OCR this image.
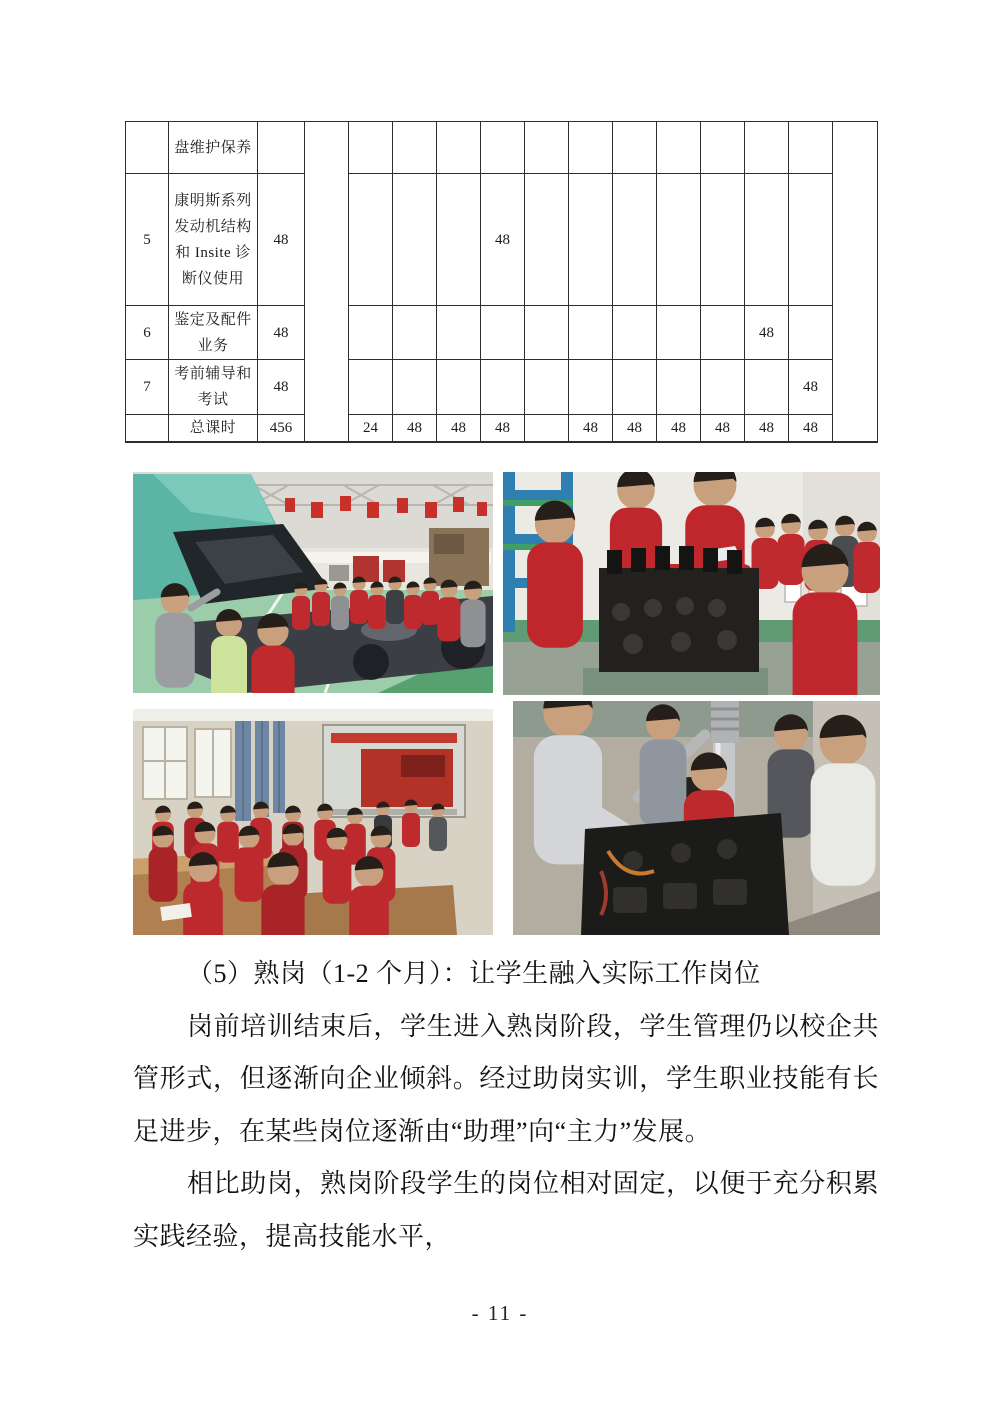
	盘维护保养														
5	康明斯系列发动机结构和 Insite 诊断仪使用	48					48								
6	鉴定及配件业务	48											48		
7	考前辅导和考试	48												48	
	总课时	456		24	48	48	48		48	48	48	48	48	48	
（5）熟岗（1-2 个月）：让学生融入实际工作岗位
岗前培训结束后，学生进入熟岗阶段，学生管理仍以校企共
管形式，但逐渐向企业倾斜。经过助岗实训，学生职业技能有长
足进步，在某些岗位逐渐由“助理”向“主力”发展。
相比助岗，熟岗阶段学生的岗位相对固定，以便于充分积累
实践经验，提高技能水平，
- 11 -
